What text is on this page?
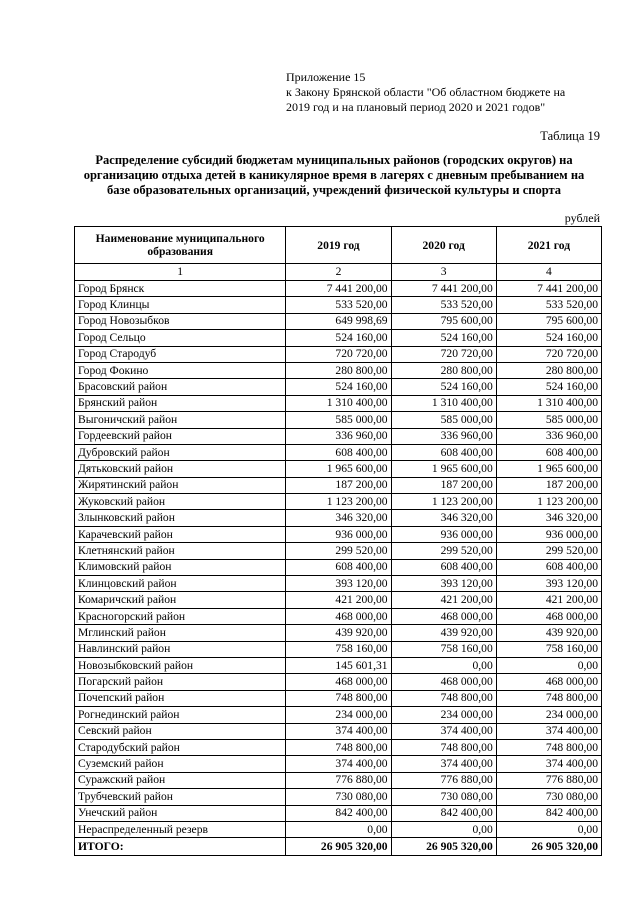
Приложение 15
к Закону Брянской области "Об областном бюджете на
2019 год и на плановый период 2020 и 2021 годов"
Таблица 19
Распределение субсидий бюджетам муниципальных районов (городских округов) на
организацию отдыха детей в каникулярное время в лагерях с дневным пребыванием на
базе образовательных организаций, учреждений физической культуры и спорта
рублей
Наименование муниципального образования	2019 год	2020 год	2021 год
1	2	3	4
Город Брянск	7 441 200,00	7 441 200,00	7 441 200,00
Город Клинцы	533 520,00	533 520,00	533 520,00
Город Новозыбков	649 998,69	795 600,00	795 600,00
Город Сельцо	524 160,00	524 160,00	524 160,00
Город Стародуб	720 720,00	720 720,00	720 720,00
Город Фокино	280 800,00	280 800,00	280 800,00
Брасовский район	524 160,00	524 160,00	524 160,00
Брянский район	1 310 400,00	1 310 400,00	1 310 400,00
Выгоничский район	585 000,00	585 000,00	585 000,00
Гордеевский район	336 960,00	336 960,00	336 960,00
Дубровский район	608 400,00	608 400,00	608 400,00
Дятьковский район	1 965 600,00	1 965 600,00	1 965 600,00
Жирятинский район	187 200,00	187 200,00	187 200,00
Жуковский район	1 123 200,00	1 123 200,00	1 123 200,00
Злынковский район	346 320,00	346 320,00	346 320,00
Карачевский район	936 000,00	936 000,00	936 000,00
Клетнянский район	299 520,00	299 520,00	299 520,00
Климовский район	608 400,00	608 400,00	608 400,00
Клинцовский район	393 120,00	393 120,00	393 120,00
Комаричский район	421 200,00	421 200,00	421 200,00
Красногорский район	468 000,00	468 000,00	468 000,00
Мглинский район	439 920,00	439 920,00	439 920,00
Навлинский район	758 160,00	758 160,00	758 160,00
Новозыбковский район	145 601,31	0,00	0,00
Погарский район	468 000,00	468 000,00	468 000,00
Почепский район	748 800,00	748 800,00	748 800,00
Рогнединский район	234 000,00	234 000,00	234 000,00
Севский район	374 400,00	374 400,00	374 400,00
Стародубский район	748 800,00	748 800,00	748 800,00
Суземский район	374 400,00	374 400,00	374 400,00
Суражский район	776 880,00	776 880,00	776 880,00
Трубчевский район	730 080,00	730 080,00	730 080,00
Унечский район	842 400,00	842 400,00	842 400,00
Нераспределенный резерв	0,00	0,00	0,00
ИТОГО:	26 905 320,00	26 905 320,00	26 905 320,00
